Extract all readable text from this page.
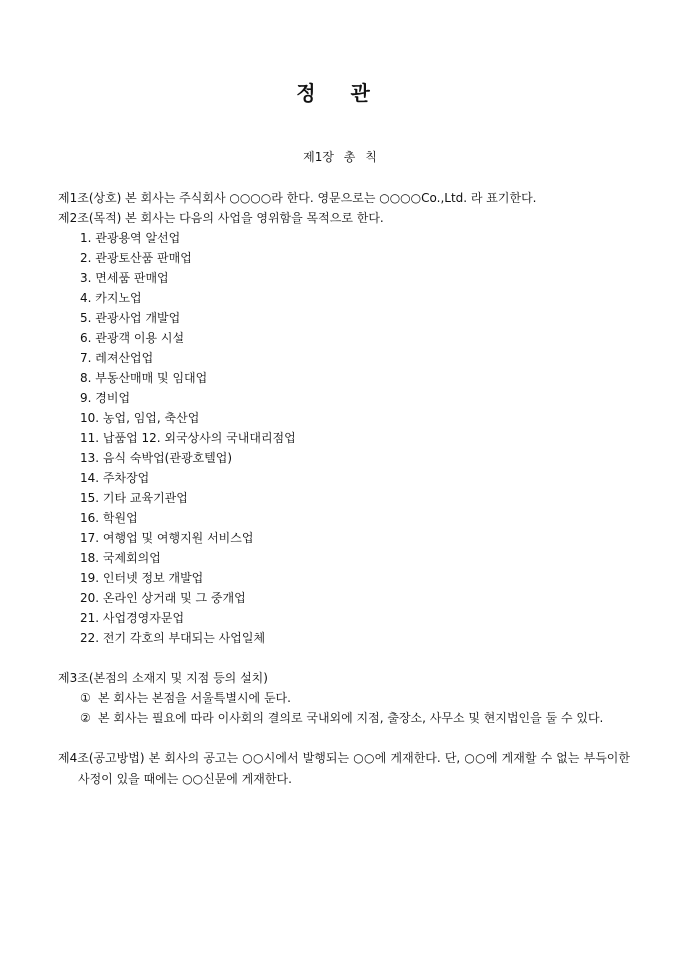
정 관
제1장 총 칙
제1조(상호) 본 회사는 주식회사 ○○○○라 한다. 영문으로는 ○○○○Co.,Ltd. 라 표기한다.
제2조(목적) 본 회사는 다음의 사업을 영위함을 목적으로 한다.
1. 관광용역 알선업
2. 관광토산품 판매업
3. 면세품 판매업
4. 카지노업
5. 관광사업 개발업
6. 관광객 이용 시설
7. 레져산업업
8. 부동산매매 및 임대업
9. 경비업
10. 농업, 임업, 축산업
11. 납품업 12. 외국상사의 국내대리점업
13. 음식 숙박업(관광호텔업)
14. 주차장업
15. 기타 교육기관업
16. 학원업
17. 여행업 및 여행지원 서비스업
18. 국제회의업
19. 인터넷 정보 개발업
20. 온라인 상거래 및 그 중개업
21. 사업경영자문업
22. 전기 각호의 부대되는 사업일체
제3조(본점의 소재지 및 지점 등의 설치)
① 본 회사는 본점을 서울특별시에 둔다.
② 본 회사는 필요에 따라 이사회의 결의로 국내외에 지점, 출장소, 사무소 및 현지법인을 둘 수 있다.
제4조(공고방법) 본 회사의 공고는 ○○시에서 발행되는 ○○에 게재한다. 단, ○○에 게재할 수 없는 부득이한 사정이 있을 때에는 ○○신문에 게재한다.
